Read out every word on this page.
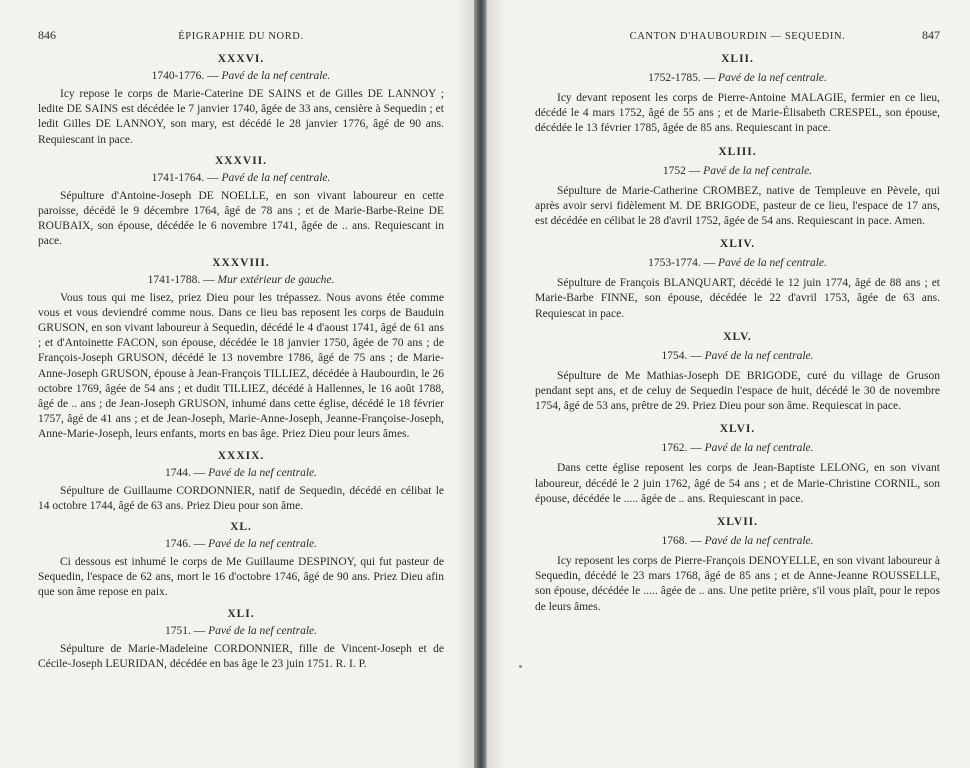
846	ÉPIGRAPHIE DU NORD.
XXXVI.
1740-1776. — Pavé de la nef centrale.

Icy repose le corps de Marie-Caterine DE SAINS et de Gilles DE LANNOY ; ledite DE SAINS est décédée le 7 janvier 1740, âgée de 33 ans, censière à Sequedin ; et ledit Gilles DE LANNOY, son mary, est décédé le 28 janvier 1776, âgé de 90 ans. Requiescant in pace.

XXXVII.
1741-1764. — Pavé de la nef centrale.

Sépulture d'Antoine-Joseph DE NOELLE, en son vivant laboureur en cette paroisse, décédé le 9 décembre 1764, âgé de 78 ans ; et de Marie-Barbe-Reine DE ROUBAIX, son épouse, décédée le 6 novembre 1741, âgée de .. ans. Requiescant in pace.

XXXVIII.
1741-1788. — Mur extérieur de gauche.

Vous tous qui me lisez, priez Dieu pour les trépassez. Nous avons étée comme vous et vous deviendré comme nous. Dans ce lieu bas reposent les corps de Bauduin GRUSON, en son vivant laboureur à Sequedin, décédé le 4 d'aoust 1741, âgé de 61 ans ; et d'Antoinette FACON, son épouse, décédée le 18 janvier 1750, âgée de 70 ans ; de François-Joseph GRUSON, décédé le 13 novembre 1786, âgé de 75 ans ; de Marie-Anne-Joseph GRUSON, épouse à Jean-François TILLIEZ, décédée à Haubourdin, le 26 octobre 1769, âgée de 54 ans ; et dudit TILLIEZ, décédé à Hallennes, le 16 août 1788, âgé de .. ans ; de Jean-Joseph GRUSON, inhumé dans cette église, décédé le 18 février 1757, âgé de 41 ans ; et de Jean-Joseph, Marie-Anne-Joseph, Jeanne-Françoise-Joseph, Anne-Marie-Joseph, leurs enfants, morts en bas âge. Priez Dieu pour leurs âmes.

XXXIX.
1744. — Pavé de la nef centrale.

Sépulture de Guillaume CORDONNIER, natif de Sequedin, décédé en célibat le 14 octobre 1744, âgé de 63 ans. Priez Dieu pour son âme.

XL.
1746. — Pavé de la nef centrale.

Ci dessous est inhumé le corps de Me Guillaume DESPINOY, qui fut pasteur de Sequedin, l'espace de 62 ans, mort le 16 d'octobre 1746, âgé de 90 ans. Priez Dieu afin que son âme repose en paix.

XLI.
1751. — Pavé de la nef centrale.

Sépulture de Marie-Madeleine CORDONNIER, fille de Vincent-Joseph et de Cécile-Joseph LEURIDAN, décédée en bas âge le 23 juin 1751. R. I. P.

CANTON D'HAUBOURDIN — SEQUEDIN.	847
XLII.
1752-1785. — Pavé de la nef centrale.

Icy devant reposent les corps de Pierre-Antoine MALAGIE, fermier en ce lieu, décédé le 4 mars 1752, âgé de 55 ans ; et de Marie-Élisabeth CRESPEL, son épouse, décédée le 13 février 1785, âgée de 85 ans. Requiescant in pace.

XLIII.
1752 — Pavé de la nef centrale.

Sépulture de Marie-Catherine CROMBEZ, native de Templeuve en Pèvele, qui après avoir servi fidèlement M. DE BRIGODE, pasteur de ce lieu, l'espace de 17 ans, est décédée en célibat le 28 d'avril 1752, âgée de 54 ans. Requiescant in pace. Amen.

XLIV.
1753-1774. — Pavé de la nef centrale.

Sépulture de François BLANQUART, décédé le 12 juin 1774, âgé de 88 ans ; et Marie-Barbe FINNE, son épouse, décédée le 22 d'avril 1753, âgée de 63 ans. Requiescat in pace.

XLV.
1754. — Pavé de la nef centrale.

Sépulture de Me Mathias-Joseph DE BRIGODE, curé du village de Gruson pendant sept ans, et de celuy de Sequedin l'espace de huit, décédé le 30 de novembre 1754, âgé de 53 ans, prêtre de 29. Priez Dieu pour son âme. Requiescat in pace.

XLVI.
1762. — Pavé de la nef centrale.

Dans cette église reposent les corps de Jean-Baptiste LELONG, en son vivant laboureur, décédé le 2 juin 1762, âgé de 54 ans ; et de Marie-Christine CORNIL, son épouse, décédée le ..... âgée de .. ans. Requiescant in pace.

XLVII.
1768. — Pavé de la nef centrale.

Icy reposent les corps de Pierre-François DENOYELLE, en son vivant laboureur à Sequedin, décédé le 23 mars 1768, âgé de 85 ans ; et de Anne-Jeanne ROUSSELLE, son épouse, décédée le ..... âgée de .. ans. Une petite prière, s'il vous plaît, pour le repos de leurs âmes.
